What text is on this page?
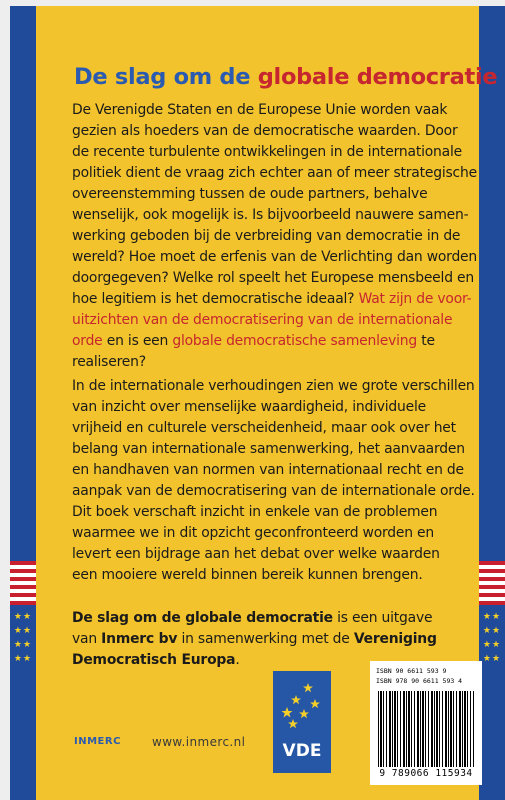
★★
★★
★★
★★
★★
★★
★★
★★
De slag om de globale democratie
De Verenigde Staten en de Europese Unie worden vaak
gezien als hoeders van de democratische waarden. Door
de recente turbulente ontwikkelingen in de internationale
politiek dient de vraag zich echter aan of meer strategische
overeenstemming tussen de oude partners, behalve
wenselijk, ook mogelijk is. Is bijvoorbeeld nauwere samen-
werking geboden bij de verbreiding van democratie in de
wereld? Hoe moet de erfenis van de Verlichting dan worden
doorgegeven? Welke rol speelt het Europese mensbeeld en
hoe legitiem is het democratische ideaal? Wat zijn de voor-
uitzichten van de democratisering van de internationale
orde en is een globale democratische samenleving te
realiseren?
In de internationale verhoudingen zien we grote verschillen
van inzicht over menselijke waardigheid, individuele
vrijheid en culturele verscheidenheid, maar ook over het
belang van internationale samenwerking, het aanvaarden
en handhaven van normen van internationaal recht en de
aanpak van de democratisering van de internationale orde.
Dit boek verschaft inzicht in enkele van de problemen
waarmee we in dit opzicht geconfronteerd worden en
levert een bijdrage aan het debat over welke waarden
een mooiere wereld binnen bereik kunnen brengen.
De slag om de globale democratie is een uitgave
van Inmerc bv in samenwerking met de Vereniging
Democratisch Europa.
VDE
ISBN 90 6611 593 9
ISBN 978 90 6611 593 4
9 789066 115934
INMERC	www.inmerc.nl
